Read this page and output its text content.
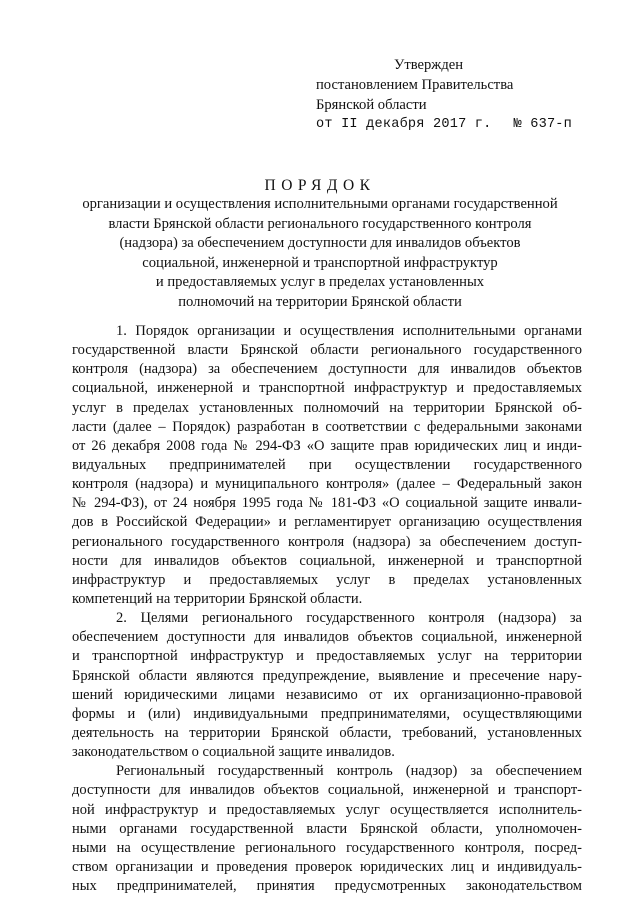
Утвержден
постановлением Правительства
Брянской области
от II декабря 2017 г. № 637-п
ПОРЯДОК
организации и осуществления исполнительными органами государственной
власти Брянской области регионального государственного контроля
(надзора) за обеспечением доступности для инвалидов объектов
социальной, инженерной и транспортной инфраструктур
и предоставляемых услуг в пределах установленных
полномочий на территории Брянской области

1. Порядок организации и осуществления исполнительными органами
государственной власти Брянской области регионального государственного
контроля (надзора) за обеспечением доступности для инвалидов объектов
социальной, инженерной и транспортной инфраструктур и предоставляемых
услуг в пределах установленных полномочий на территории Брянской об-
ласти (далее – Порядок) разработан в соответствии с федеральными законами
от 26 декабря 2008 года № 294-ФЗ «О защите прав юридических лиц и инди-
видуальных предпринимателей при осуществлении государственного
контроля (надзора) и муниципального контроля» (далее – Федеральный закон
№ 294-ФЗ), от 24 ноября 1995 года № 181-ФЗ «О социальной защите инвали-
дов в Российской Федерации» и регламентирует организацию осуществления
регионального государственного контроля (надзора) за обеспечением доступ-
ности для инвалидов объектов социальной, инженерной и транспортной
инфраструктур и предоставляемых услуг в пределах установленных
компетенций на территории Брянской области.

2. Целями регионального государственного контроля (надзора) за
обеспечением доступности для инвалидов объектов социальной, инженерной
и транспортной инфраструктур и предоставляемых услуг на территории
Брянской области являются предупреждение, выявление и пресечение нару-
шений юридическими лицами независимо от их организационно-правовой
формы и (или) индивидуальными предпринимателями, осуществляющими
деятельность на территории Брянской области, требований, установленных
законодательством о социальной защите инвалидов.

Региональный государственный контроль (надзор) за обеспечением
доступности для инвалидов объектов социальной, инженерной и транспорт-
ной инфраструктур и предоставляемых услуг осуществляется исполнитель-
ными органами государственной власти Брянской области, уполномочен-
ными на осуществление регионального государственного контроля, посред-
ством организации и проведения проверок юридических лиц и индивидуаль-
ных предпринимателей, принятия предусмотренных законодательством
